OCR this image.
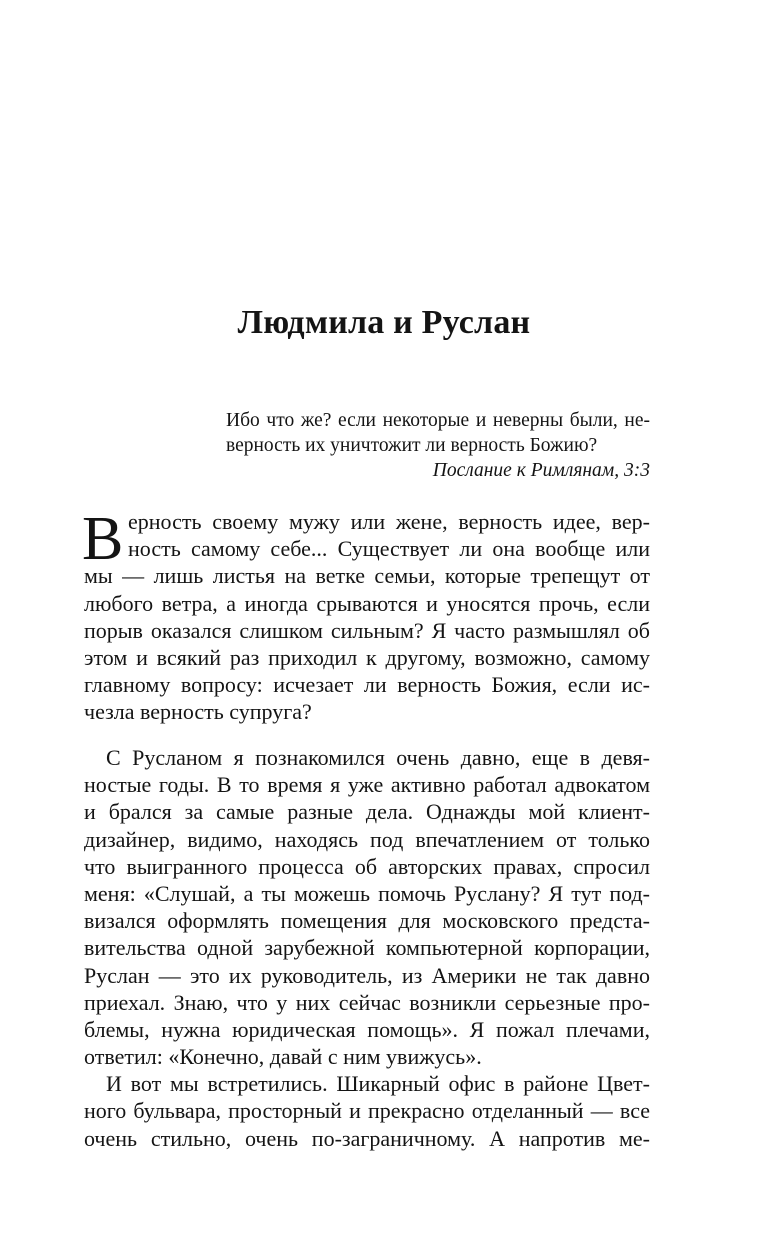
Людмила и Руслан
Ибо что же? если некоторые и неверны были, не-
верность их уничтожит ли верность Божию?
Послание к Римлянам, 3:3
В ерность своему мужу или жене, верность идее, вер-
ность самому себе... Существует ли она вообще или
мы — лишь листья на ветке семьи, которые трепещут от
любого ветра, а иногда срываются и уносятся прочь, если
порыв оказался слишком сильным? Я часто размышлял об
этом и всякий раз приходил к другому, возможно, самому
главному вопросу: исчезает ли верность Божия, если ис-
чезла верность супруга?
С Русланом я познакомился очень давно, еще в девя-
ностые годы. В то время я уже активно работал адвокатом
и брался за самые разные дела. Однажды мой клиент-
дизайнер, видимо, находясь под впечатлением от только
что выигранного процесса об авторских правах, спросил
меня: «Слушай, а ты можешь помочь Руслану? Я тут под-
визался оформлять помещения для московского предста-
вительства одной зарубежной компьютерной корпорации,
Руслан — это их руководитель, из Америки не так давно
приехал. Знаю, что у них сейчас возникли серьезные про-
блемы, нужна юридическая помощь». Я пожал плечами,
ответил: «Конечно, давай с ним увижусь».
И вот мы встретились. Шикарный офис в районе Цвет-
ного бульвара, просторный и прекрасно отделанный — все
очень стильно, очень по-заграничному. А напротив ме-
